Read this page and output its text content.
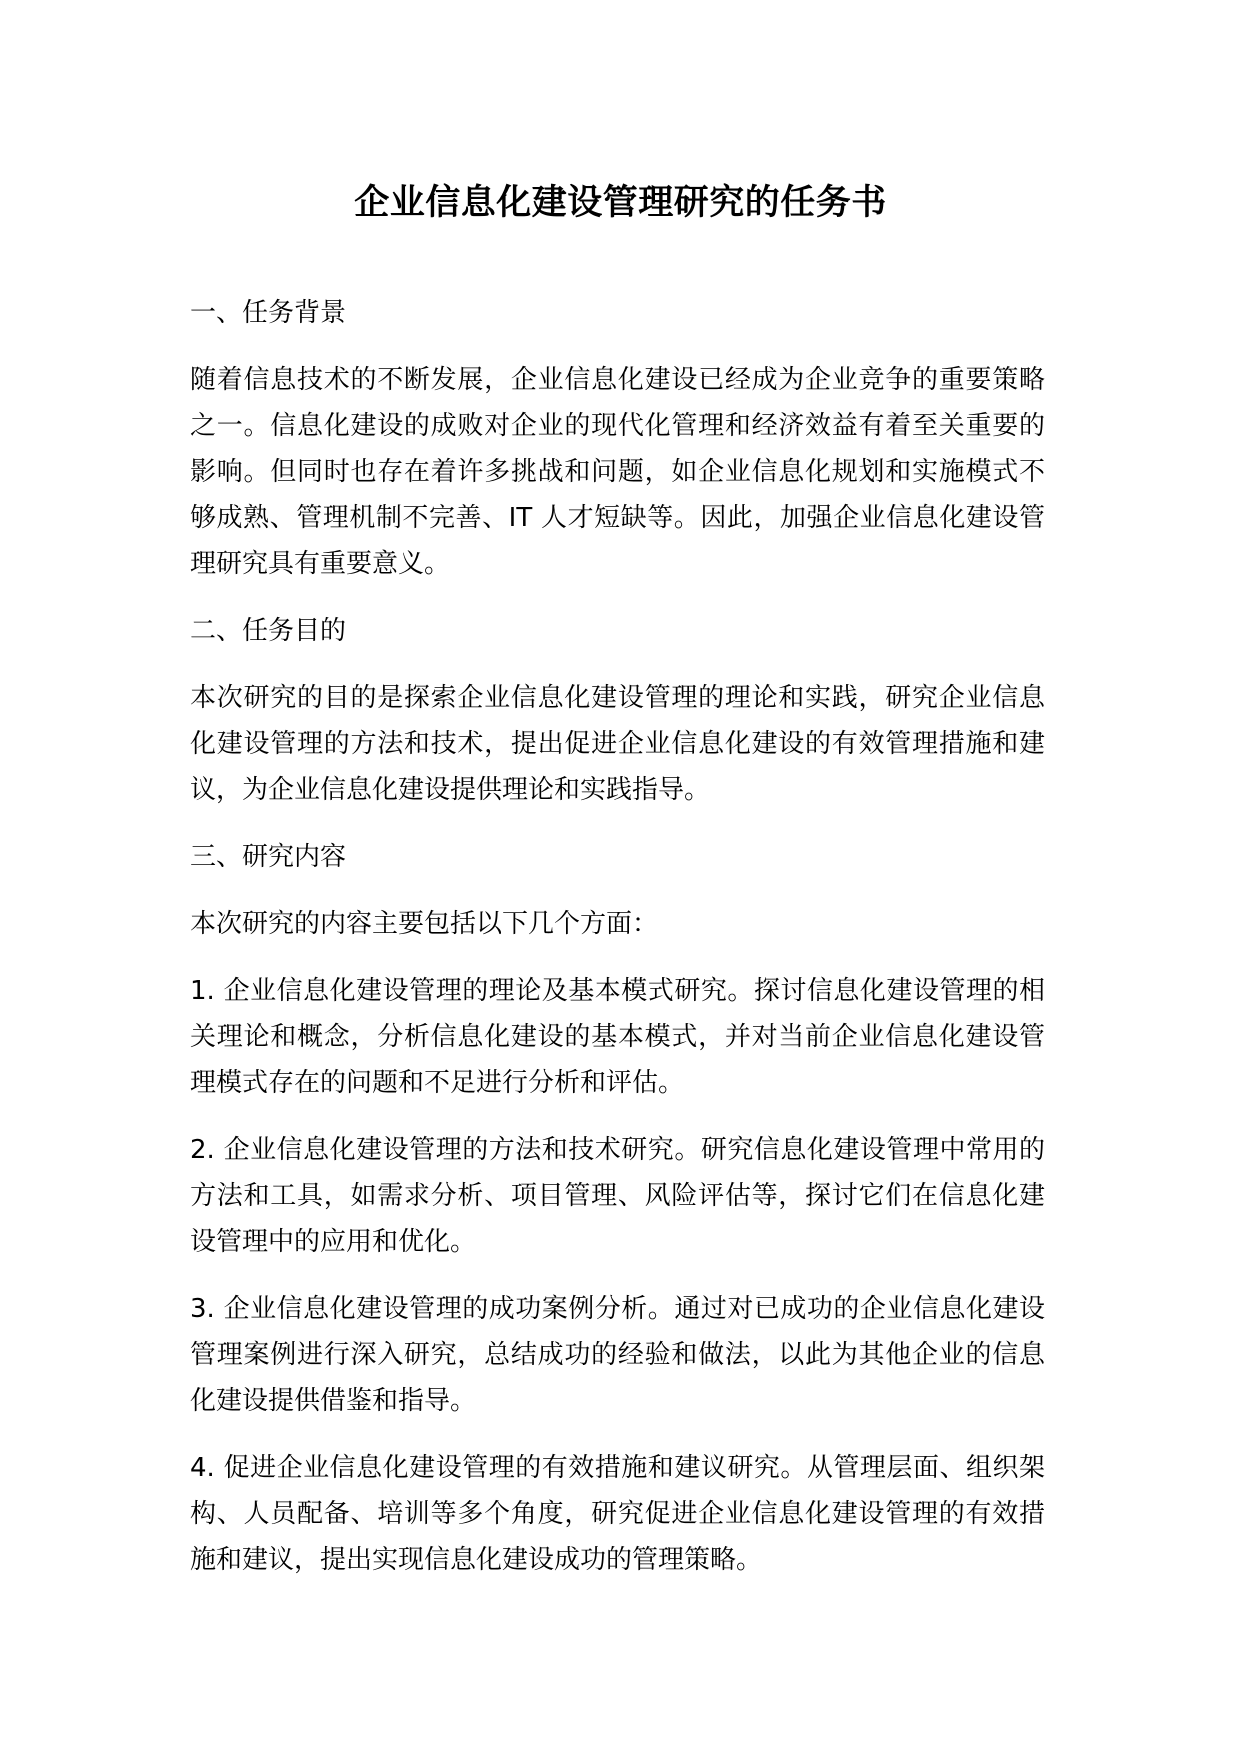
企业信息化建设管理研究的任务书

一、任务背景

随着信息技术的不断发展，企业信息化建设已经成为企业竞争的重要策略之一。信息化建设的成败对企业的现代化管理和经济效益有着至关重要的影响。但同时也存在着许多挑战和问题，如企业信息化规划和实施模式不够成熟、管理机制不完善、IT 人才短缺等。因此，加强企业信息化建设管理研究具有重要意义。

二、任务目的

本次研究的目的是探索企业信息化建设管理的理论和实践，研究企业信息化建设管理的方法和技术，提出促进企业信息化建设的有效管理措施和建议，为企业信息化建设提供理论和实践指导。

三、研究内容

本次研究的内容主要包括以下几个方面：

1. 企业信息化建设管理的理论及基本模式研究。探讨信息化建设管理的相关理论和概念，分析信息化建设的基本模式，并对当前企业信息化建设管理模式存在的问题和不足进行分析和评估。

2. 企业信息化建设管理的方法和技术研究。研究信息化建设管理中常用的方法和工具，如需求分析、项目管理、风险评估等，探讨它们在信息化建设管理中的应用和优化。

3. 企业信息化建设管理的成功案例分析。通过对已成功的企业信息化建设管理案例进行深入研究，总结成功的经验和做法，以此为其他企业的信息化建设提供借鉴和指导。

4. 促进企业信息化建设管理的有效措施和建议研究。从管理层面、组织架构、人员配备、培训等多个角度，研究促进企业信息化建设管理的有效措施和建议，提出实现信息化建设成功的管理策略。
